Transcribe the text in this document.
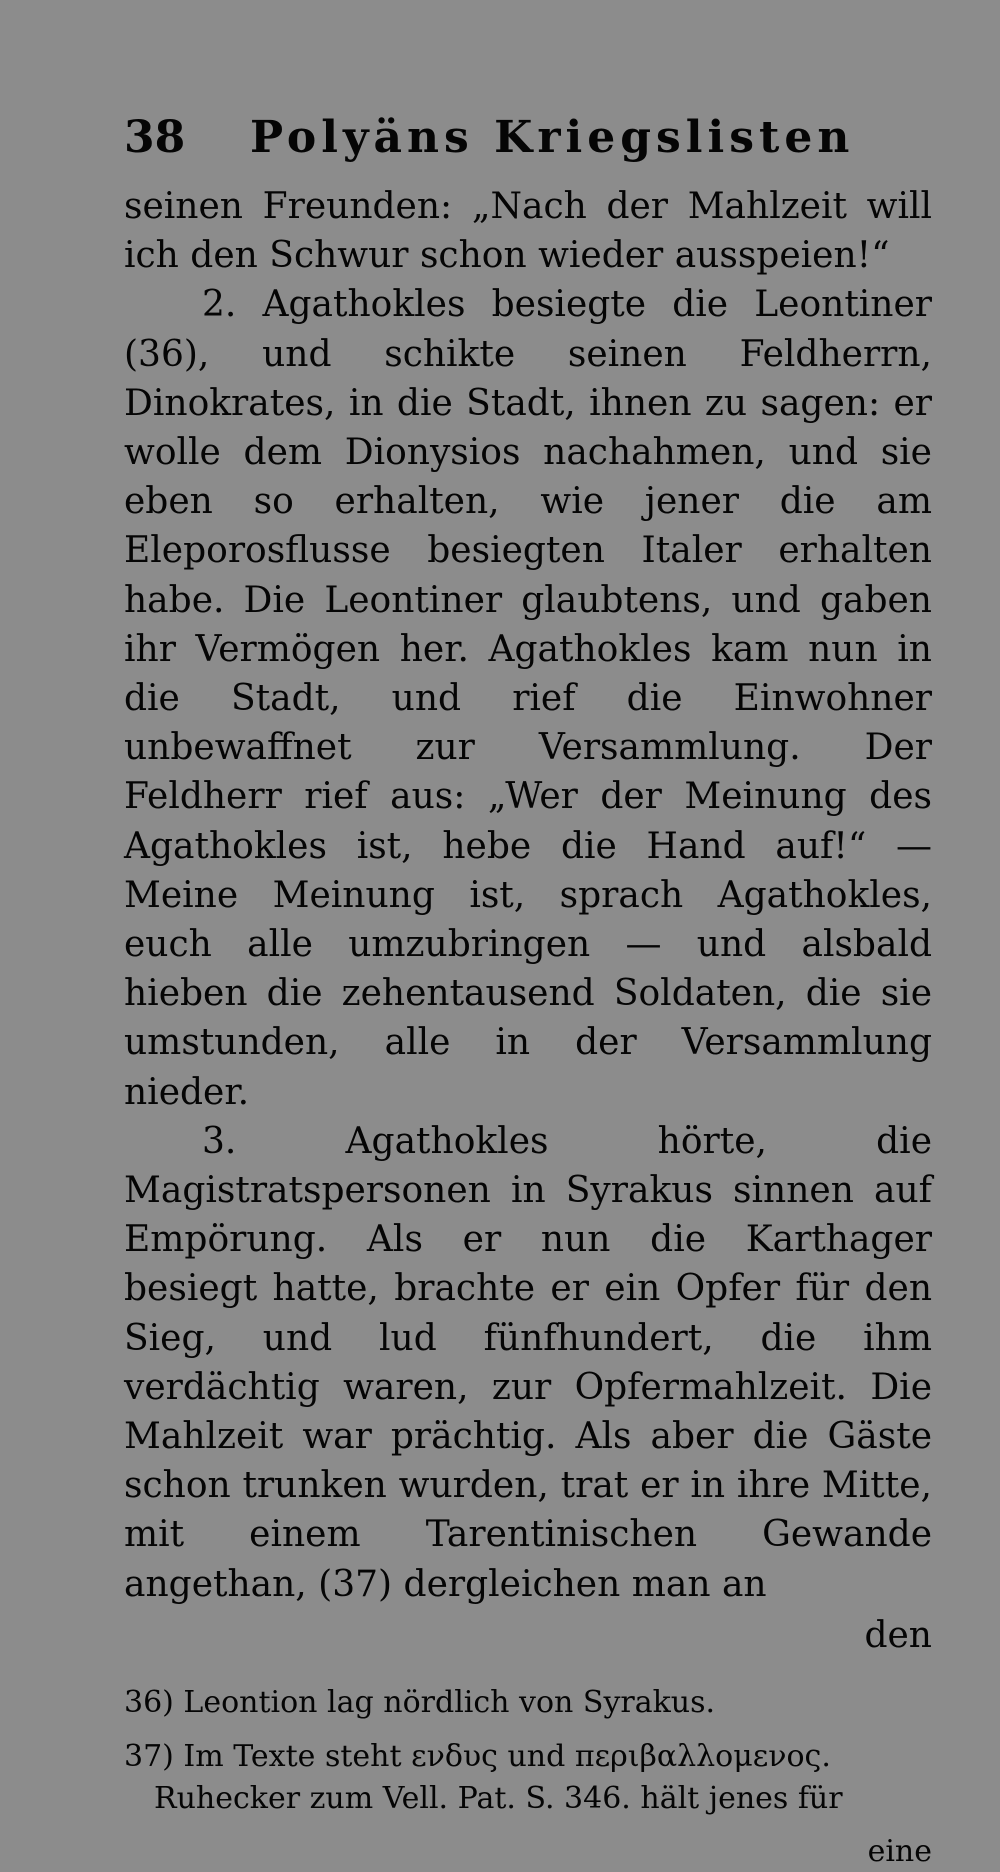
38	Polyäns Kriegslisten

seinen Freunden: „Nach der Mahlzeit will ich den Schwur schon wieder ausspeien!“

2. Agathokles besiegte die Leontiner (36), und schikte seinen Feldherrn, Dinokrates, in die Stadt, ihnen zu sagen: er wolle dem Dionysios nachahmen, und sie eben so erhalten, wie jener die am Eleporosflusse besiegten Italer erhalten habe. Die Leontiner glaubtens, und gaben ihr Vermögen her. Agathokles kam nun in die Stadt, und rief die Einwohner unbewaffnet zur Versammlung. Der Feldherr rief aus: „Wer der Meinung des Agathokles ist, hebe die Hand auf!“ — Meine Meinung ist, sprach Agathokles, euch alle umzubringen — und alsbald hieben die zehentausend Soldaten, die sie umstunden, alle in der Versammlung nieder.

3. Agathokles hörte, die Magistratspersonen in Syrakus sinnen auf Empörung. Als er nun die Karthager besiegt hatte, brachte er ein Opfer für den Sieg, und lud fünfhundert, die ihm verdächtig waren, zur Opfermahlzeit. Die Mahlzeit war prächtig. Als aber die Gäste schon trunken wurden, trat er in ihre Mitte, mit einem Tarentinischen Gewande angethan, (37) dergleichen man an

den

36) Leontion lag nördlich von Syrakus.

37) Im Texte steht ενδυς und περιβαλλομενος. Ruhecker zum Vell. Pat. S. 346. hält jenes für

eine
